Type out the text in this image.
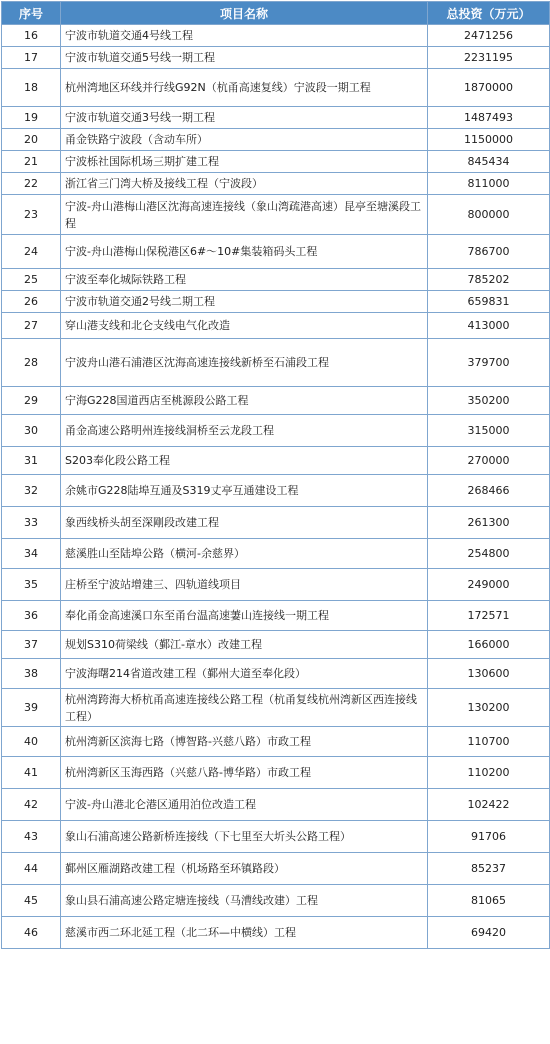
序号	项目名称	总投资（万元）
16	宁波市轨道交通4号线工程	2471256
17	宁波市轨道交通5号线一期工程	2231195
18	杭州湾地区环线并行线G92N（杭甬高速复线）宁波段一期工程	1870000
19	宁波市轨道交通3号线一期工程	1487493
20	甬金铁路宁波段（含动车所）	1150000
21	宁波栎社国际机场三期扩建工程	845434
22	浙江省三门湾大桥及接线工程（宁波段）	811000
23	宁波-舟山港梅山港区沈海高速连接线（象山湾疏港高速）昆亭至塘溪段工程	800000
24	宁波-舟山港梅山保税港区6#～10#集装箱码头工程	786700
25	宁波至奉化城际铁路工程	785202
26	宁波市轨道交通2号线二期工程	659831
27	穿山港支线和北仑支线电气化改造	413000
28	宁波舟山港石浦港区沈海高速连接线新桥至石浦段工程	379700
29	宁海G228国道西店至桃源段公路工程	350200
30	甬金高速公路明州连接线洞桥至云龙段工程	315000
31	S203奉化段公路工程	270000
32	余姚市G228陆埠互通及S319丈亭互通建设工程	268466
33	象西线桥头胡至深剛段改建工程	261300
34	慈溪胜山至陆埠公路（横河-余慈界）	254800
35	庄桥至宁波站增建三、四轨道线项目	249000
36	奉化甬金高速溪口东至甬台温高速萋山连接线一期工程	172571
37	规划S310荷梁线（鄞江-章水）改建工程	166000
38	宁波海曙214省道改建工程（鄞州大道至奉化段）	130600
39	杭州湾跨海大桥杭甬高速连接线公路工程（杭甬复线杭州湾新区西连接线工程）	130200
40	杭州湾新区滨海七路（博智路-兴慈八路）市政工程	110700
41	杭州湾新区玉海西路（兴慈八路-博华路）市政工程	110200
42	宁波-舟山港北仑港区通用泊位改造工程	102422
43	象山石浦高速公路新桥连接线（下七里至大圻头公路工程）	91706
44	鄞州区雁湖路改建工程（机场路至环镇路段）	85237
45	象山县石浦高速公路定塘连接线（马漕线改建）工程	81065
46	慈溪市西二环北延工程（北二环—中横线）工程	69420
